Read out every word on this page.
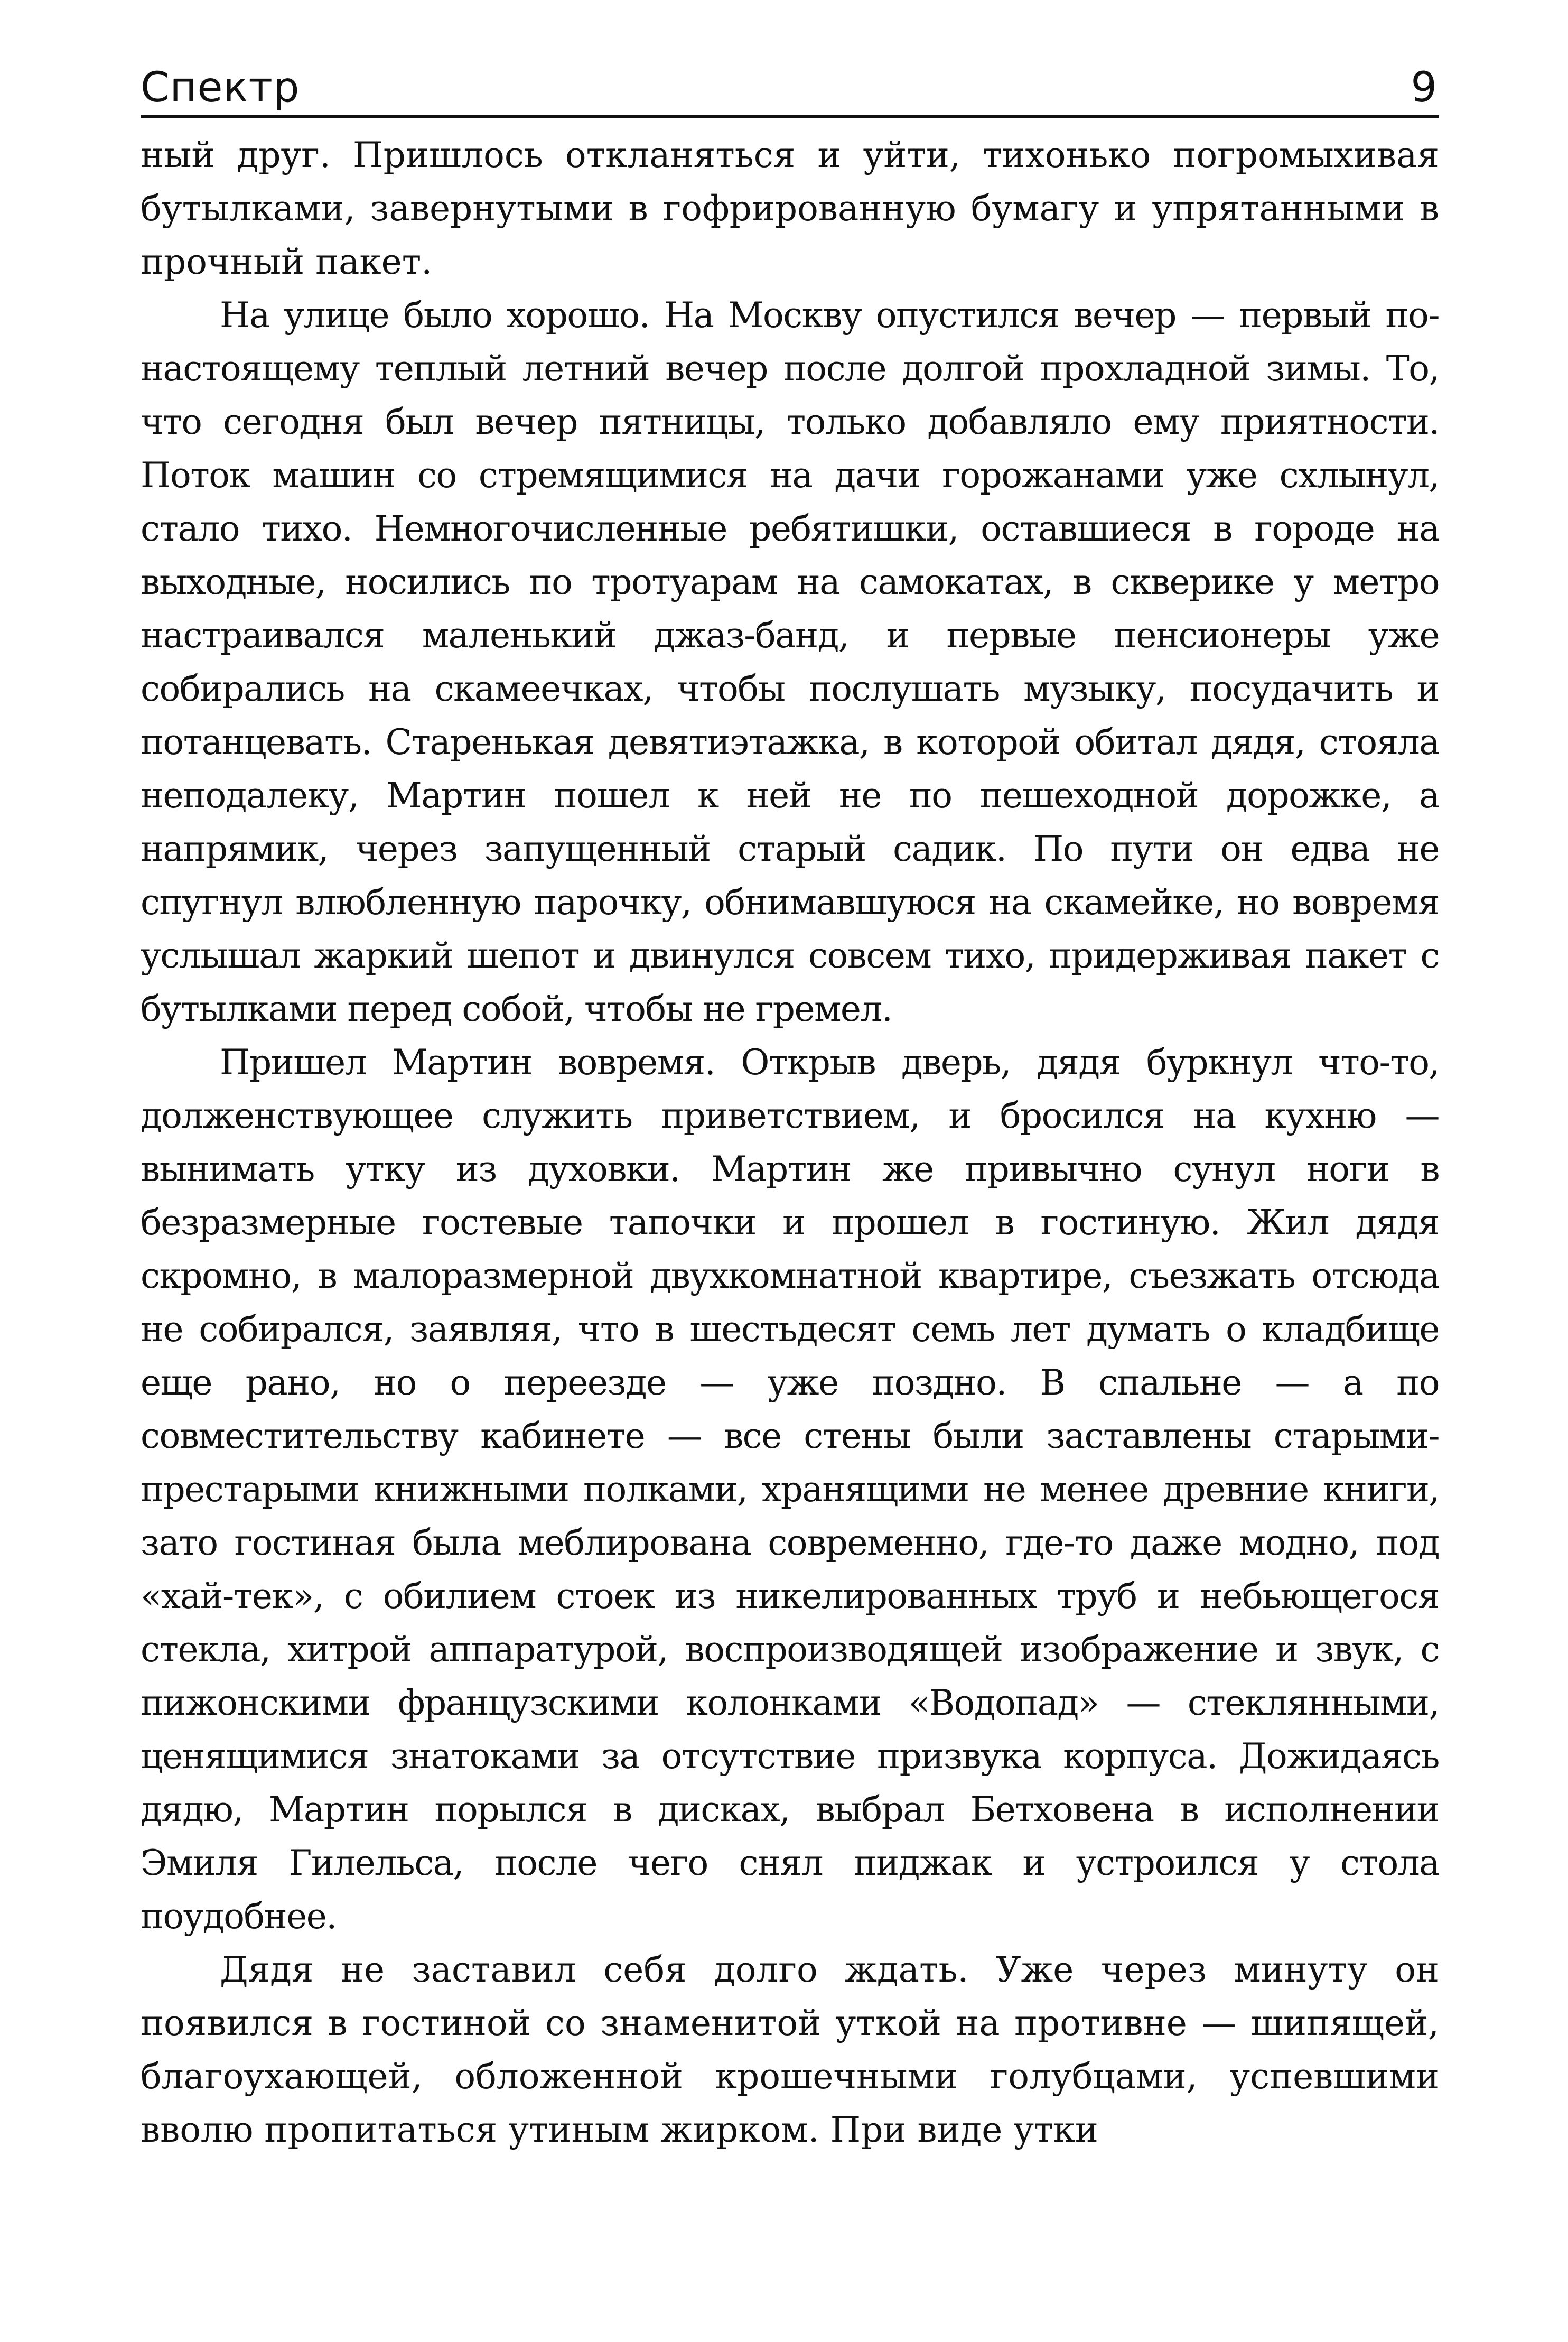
Спектр	9

ный друг. Пришлось откланяться и уйти, тихонько погромыхивая бутылками, завернутыми в гофрированную бумагу и упрятанными в прочный пакет.

На улице было хорошо. На Москву опустился вечер — первый по-настоящему теплый летний вечер после долгой прохладной зимы. То, что сегодня был вечер пятницы, только добавляло ему приятности. Поток машин со стремящимися на дачи горожанами уже схлынул, стало тихо. Немногочисленные ребятишки, оставшиеся в городе на выходные, носились по тротуарам на самокатах, в скверике у метро настраивался маленький джаз-банд, и первые пенсионеры уже собирались на скамеечках, чтобы послушать музыку, посудачить и потанцевать. Старенькая девятиэтажка, в которой обитал дядя, стояла неподалеку, Мартин пошел к ней не по пешеходной дорожке, а напрямик, через запущенный старый садик. По пути он едва не спугнул влюбленную парочку, обнимавшуюся на скамейке, но вовремя услышал жаркий шепот и двинулся совсем тихо, придерживая пакет с бутылками перед собой, чтобы не гремел.

Пришел Мартин вовремя. Открыв дверь, дядя буркнул что-то, долженствующее служить приветствием, и бросился на кухню — вынимать утку из духовки. Мартин же привычно сунул ноги в безразмерные гостевые тапочки и прошел в гостиную. Жил дядя скромно, в малоразмерной двухкомнатной квартире, съезжать отсюда не собирался, заявляя, что в шестьдесят семь лет думать о кладбище еще рано, но о переезде — уже поздно. В спальне — а по совместительству кабинете — все стены были заставлены старыми-престарыми книжными полками, хранящими не менее древние книги, зато гостиная была меблирована современно, где-то даже модно, под «хай-тек», с обилием стоек из никелированных труб и небьющегося стекла, хитрой аппаратурой, воспроизводящей изображение и звук, с пижонскими французскими колонками «Водопад» — стеклянными, ценящимися знатоками за отсутствие призвука корпуса. Дожидаясь дядю, Мартин порылся в дисках, выбрал Бетховена в исполнении Эмиля Гилельса, после чего снял пиджак и устроился у стола поудобнее.

Дядя не заставил себя долго ждать. Уже через минуту он появился в гостиной со знаменитой уткой на противне — шипящей, благоухающей, обложенной крошечными голубцами, успевшими вволю пропитаться утиным жирком. При виде утки
